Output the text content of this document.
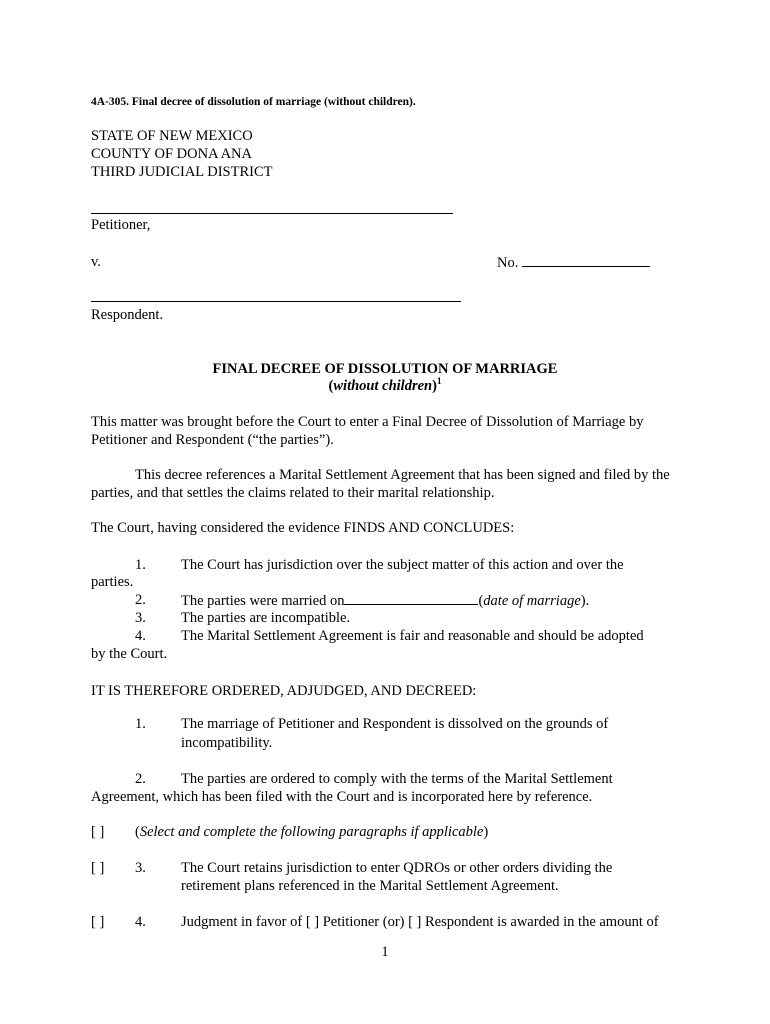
4A-305. Final decree of dissolution of marriage (without children).
STATE OF NEW MEXICO
COUNTY OF DONA ANA
THIRD JUDICIAL DISTRICT
Petitioner,
v.	No.
Respondent.
FINAL DECREE OF DISSOLUTION OF MARRIAGE
(without children)$^1$
This matter was brought before the Court to enter a Final Decree of Dissolution of Marriage by Petitioner and Respondent (“the parties”).
This decree references a Marital Settlement Agreement that has been signed and filed by the parties, and that settles the claims related to their marital relationship.
The Court, having considered the evidence FINDS AND CONCLUDES:
1.	The Court has jurisdiction over the subject matter of this action and over the
parties.
2.	The parties were married on	(date of marriage).
3.	The parties are incompatible.
4.	The Marital Settlement Agreement is fair and reasonable and should be adopted
by the Court.
IT IS THEREFORE ORDERED, ADJUDGED, AND DECREED:
1.	The marriage of Petitioner and Respondent is dissolved on the grounds of
incompatibility.
2.	The parties are ordered to comply with the terms of the Marital Settlement
Agreement, which has been filed with the Court and is incorporated here by reference.
[ ] (Select and complete the following paragraphs if applicable)
[ ] 3.	The Court retains jurisdiction to enter QDROs or other orders dividing the
retirement plans referenced in the Marital Settlement Agreement.
[ ] 4.	Judgment in favor of [ ] Petitioner (or) [ ] Respondent is awarded in the amount of
1
